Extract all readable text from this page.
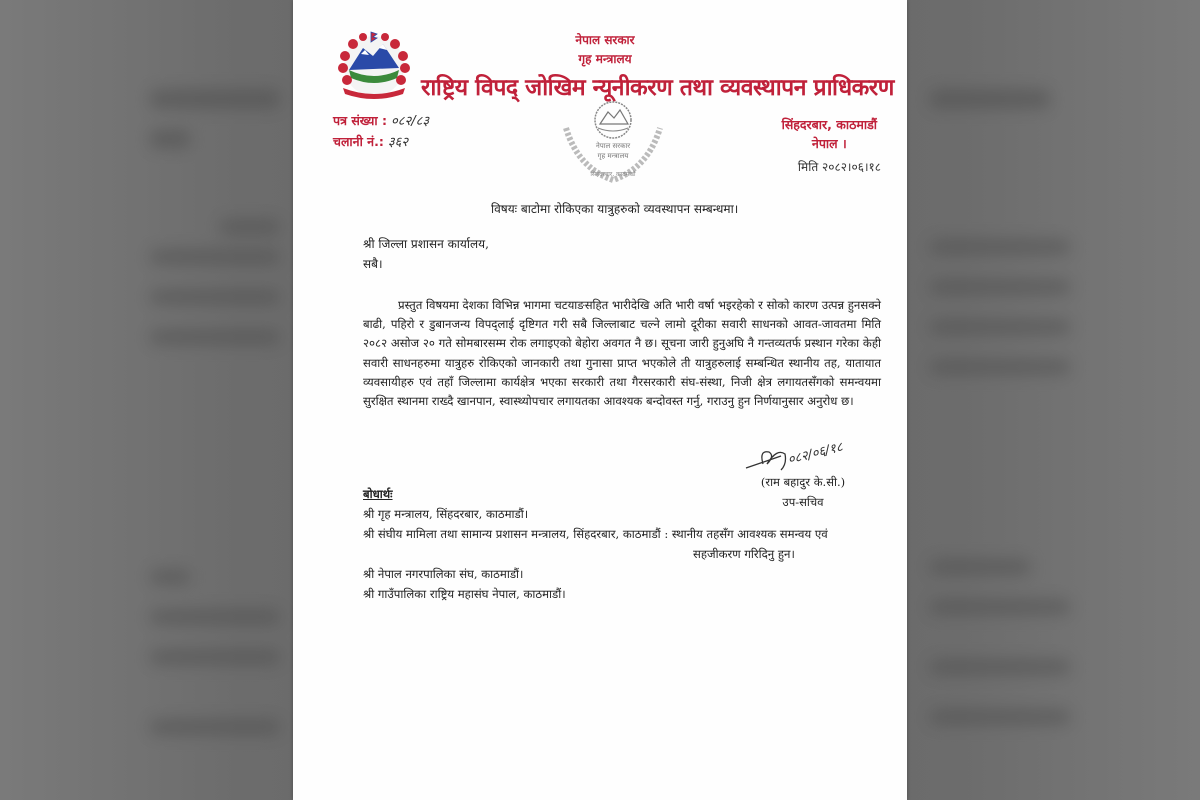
नेपाल सरकार
गृह मन्त्रालय
राष्ट्रिय विपद् जोखिम न्यूनीकरण तथा व्यवस्थापन प्राधिकरण
पत्र संख्या : ०८२/८३
चलानी नं.: ३६२	नेपाल सरकार
गृह मन्त्रालय
सिंहदरबार, काठमाडौं
सिंहदरबार, काठमाडौं
नेपाल ।
मिति २०८२।०६।१८
विषयः बाटोमा रोकिएका यात्रुहरुको व्यवस्थापन सम्बन्धमा।
श्री जिल्ला प्रशासन कार्यालय,
सबै।
प्रस्तुत विषयमा देशका विभिन्न भागमा चटयाङसहित भारीदेखि अति भारी वर्षा भइरहेको र सोको कारण उत्पन्न हुनसक्ने बाढी, पहिरो र डुबानजन्य विपद्लाई दृष्टिगत गरी सबै जिल्लाबाट चल्ने लामो दूरीका सवारी साधनको आवत-जावतमा मिति २०८२ असोज २० गते सोमबारसम्म रोक लगाइएको बेहोरा अवगत नै छ। सूचना जारी हुनुअघि नै गन्तव्यतर्फ प्रस्थान गरेका केही सवारी साधनहरुमा यात्रुहरु रोकिएको जानकारी तथा गुनासा प्राप्त भएकोले ती यात्रुहरुलाई सम्बन्धित स्थानीय तह, यातायात व्यवसायीहरु एवं तहाँ जिल्लामा कार्यक्षेत्र भएका सरकारी तथा गैरसरकारी संघ-संस्था, निजी क्षेत्र लगायतसँगको समन्वयमा सुरक्षित स्थानमा राख्दै खानपान, स्वास्थ्योपचार लगायतका आवश्यक बन्दोवस्त गर्नु, गराउनु हुन निर्णयानुसार अनुरोध छ।
०८२/०६/१८
(राम बहादुर के.सी.)
उप-सचिव
बोधार्थः
श्री गृह मन्त्रालय, सिंहदरबार, काठमाडौं।
श्री संघीय मामिला तथा सामान्य प्रशासन मन्त्रालय, सिंहदरबार, काठमाडौं : स्थानीय तहसँग आवश्यक समन्वय एवं
सहजीकरण गरिदिनु हुन।
श्री नेपाल नगरपालिका संघ, काठमाडौं।
श्री गाउँपालिका राष्ट्रिय महासंघ नेपाल, काठमाडौं।
